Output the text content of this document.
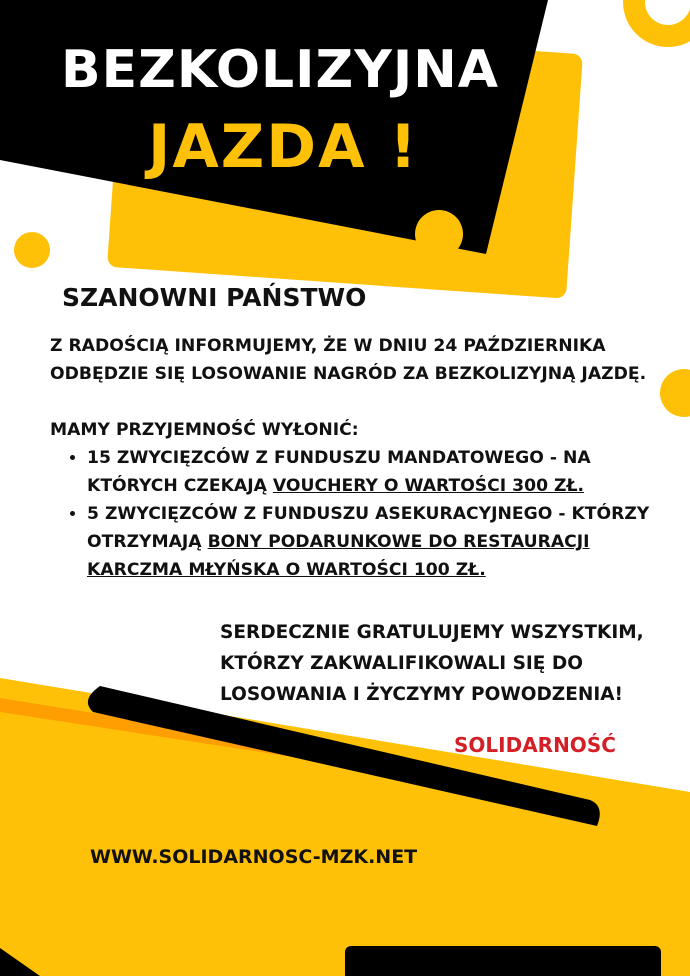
BEZKOLIZYJNA
JAZDA !
SZANOWNI PAŃSTWO

Z RADOŚCIĄ INFORMUJEMY, ŻE W DNIU 24 PAŹDZIERNIKA

ODBĘDZIE SIĘ LOSOWANIE NAGRÓD ZA BEZKOLIZYJNĄ JAZDĘ.

MAMY PRZYJEMNOŚĆ WYŁONIĆ:

• 15 ZWYCIĘZCÓW Z FUNDUSZU MANDATOWEGO - NA KTÓRYCH CZEKAJĄ VOUCHERY O WARTOŚCI 300 ZŁ.
• 5 ZWYCIĘZCÓW Z FUNDUSZU ASEKURACYJNEGO - KTÓRZY OTRZYMAJĄ BONY PODARUNKOWE DO RESTAURACJI KARCZMA MŁYŃSKA O WARTOŚCI 100 ZŁ.
SERDECZNIE GRATULUJEMY WSZYSTKIM,
KTÓRZY ZAKWALIFIKOWALI SIĘ DO
LOSOWANIA I ŻYCZYMY POWODZENIA!
SOLIDARNOŚĆ
WWW.SOLIDARNOSC-MZK.NET
